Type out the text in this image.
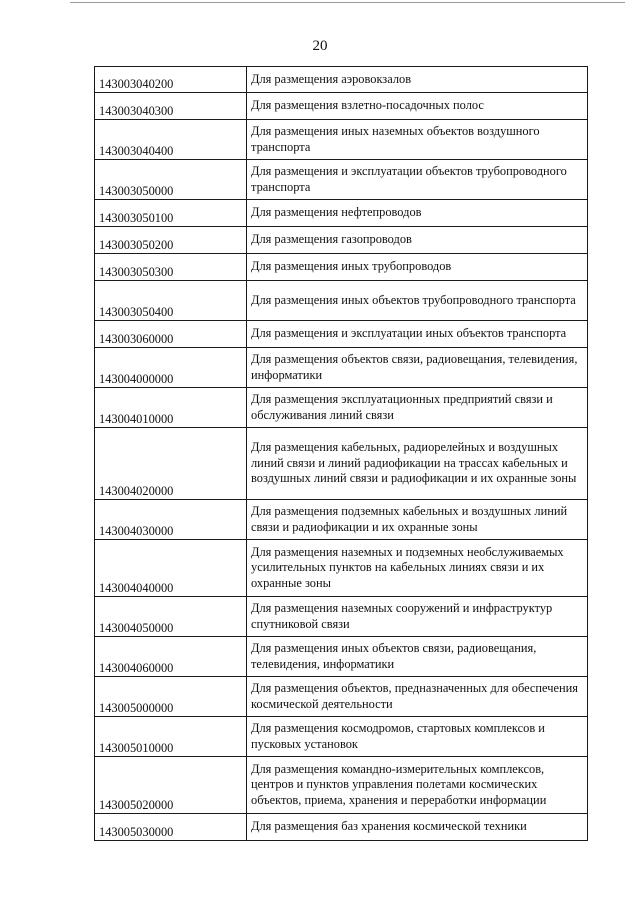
20
143003040200	Для размещения аэровокзалов
143003040300	Для размещения взлетно-посадочных полос
143003040400	Для размещения иных наземных объектов воздушного транспорта
143003050000	Для размещения и эксплуатации объектов трубопроводного транспорта
143003050100	Для размещения нефтепроводов
143003050200	Для размещения газопроводов
143003050300	Для размещения иных трубопроводов
143003050400	Для размещения иных объектов трубопроводного транспорта
143003060000	Для размещения и эксплуатации иных объектов транспорта
143004000000	Для размещения объектов связи, радиовещания, телевидения, информатики
143004010000	Для размещения эксплуатационных предприятий связи и обслуживания линий связи
143004020000	Для размещения кабельных, радиорелейных и воздушных линий связи и линий радиофикации на трассах кабельных и воздушных линий связи и радиофикации и их охранные зоны
143004030000	Для размещения подземных кабельных и воздушных линий связи и радиофикации и их охранные зоны
143004040000	Для размещения наземных и подземных необслуживаемых усилительных пунктов на кабельных линиях связи и их охранные зоны
143004050000	Для размещения наземных сооружений и инфраструктур спутниковой связи
143004060000	Для размещения иных объектов связи, радиовещания, телевидения, информатики
143005000000	Для размещения объектов, предназначенных для обеспечения космической деятельности
143005010000	Для размещения космодромов, стартовых комплексов и пусковых установок
143005020000	Для размещения командно-измерительных комплексов, центров и пунктов управления полетами космических объектов, приема, хранения и переработки информации
143005030000	Для размещения баз хранения космической техники
